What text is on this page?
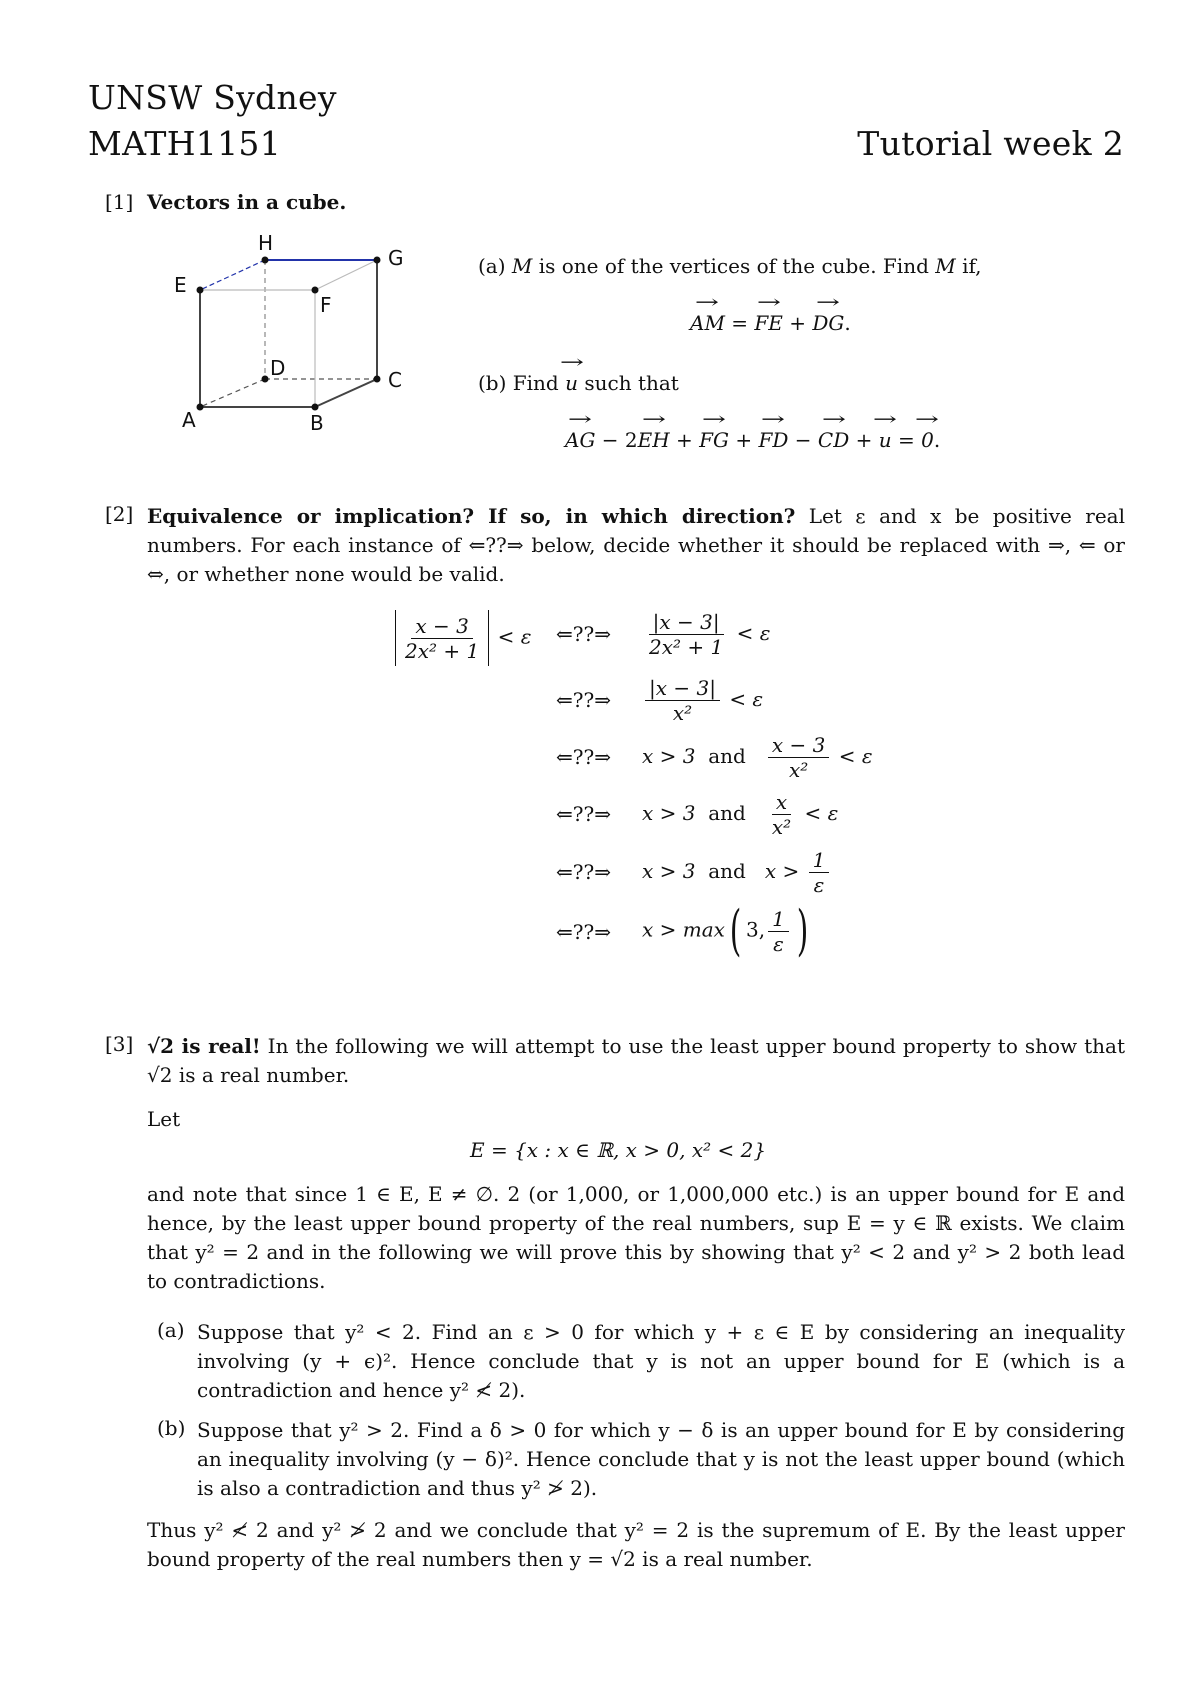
UNSW Sydney
MATH1151	Tutorial week 2
[1] Vectors in a cube.
A	B
C
D
E
F
G
H
(a) M is one of the vertices of the cube. Find M if,
→ AM = → FE + → DG.
(b) Find → u such that
→ AG − 2→ EH + → FG + → FD − → CD + → u = → 0.
[2] Equivalence or implication? If so, in which direction? Let ε and x be positive real numbers. For each instance of ⇐??⇒ below, decide whether it should be replaced with ⇒, ⇐ or ⇔, or whether none would be valid.
$\frac{x - 3}{\text{2x² + 1}} < \varepsilon$ ⇐??⇒ $\frac{|x - 3|}{\text{2x² + 1}} < \varepsilon$
⇐??⇒ $\frac{|x - 3|}{\text{x²}} < \varepsilon$
⇐??⇒ x > 3 and $\frac{x - 3}{\text{x²}} < \varepsilon$
⇐??⇒ x > 3 and $\frac{x}{\text{x²}} < \varepsilon$
⇐??⇒ x > 3 and $x > \frac{1}{\varepsilon}$
⇐??⇒ x > max( 3, $\frac{1}{\varepsilon}$ )
[3] √2 is real! In the following we will attempt to use the least upper bound property to show that √2 is a real number.
Let
E = {x : x ∈ ℝ, x > 0, x² < 2}
and note that since 1 ∈ E, E ≠ ∅. 2 (or 1,000, or 1,000,000 etc.) is an upper bound for E and hence, by the least upper bound property of the real numbers, sup E = y ∈ ℝ exists. We claim that y² = 2 and in the following we will prove this by showing that y² < 2 and y² > 2 both lead to contradictions.
(a) Suppose that y² < 2. Find an ε > 0 for which y + ε ∈ E by considering an inequality involving (y + ϵ)². Hence conclude that y is not an upper bound for E (which is a contradiction and hence y² ≮ 2).
(b) Suppose that y² > 2. Find a δ > 0 for which y − δ is an upper bound for E by considering an inequality involving (y − δ)². Hence conclude that y is not the least upper bound (which is also a contradiction and thus y² ≯ 2).
Thus y² ≮ 2 and y² ≯ 2 and we conclude that y² = 2 is the supremum of E. By the least upper bound property of the real numbers then y = √2 is a real number.
